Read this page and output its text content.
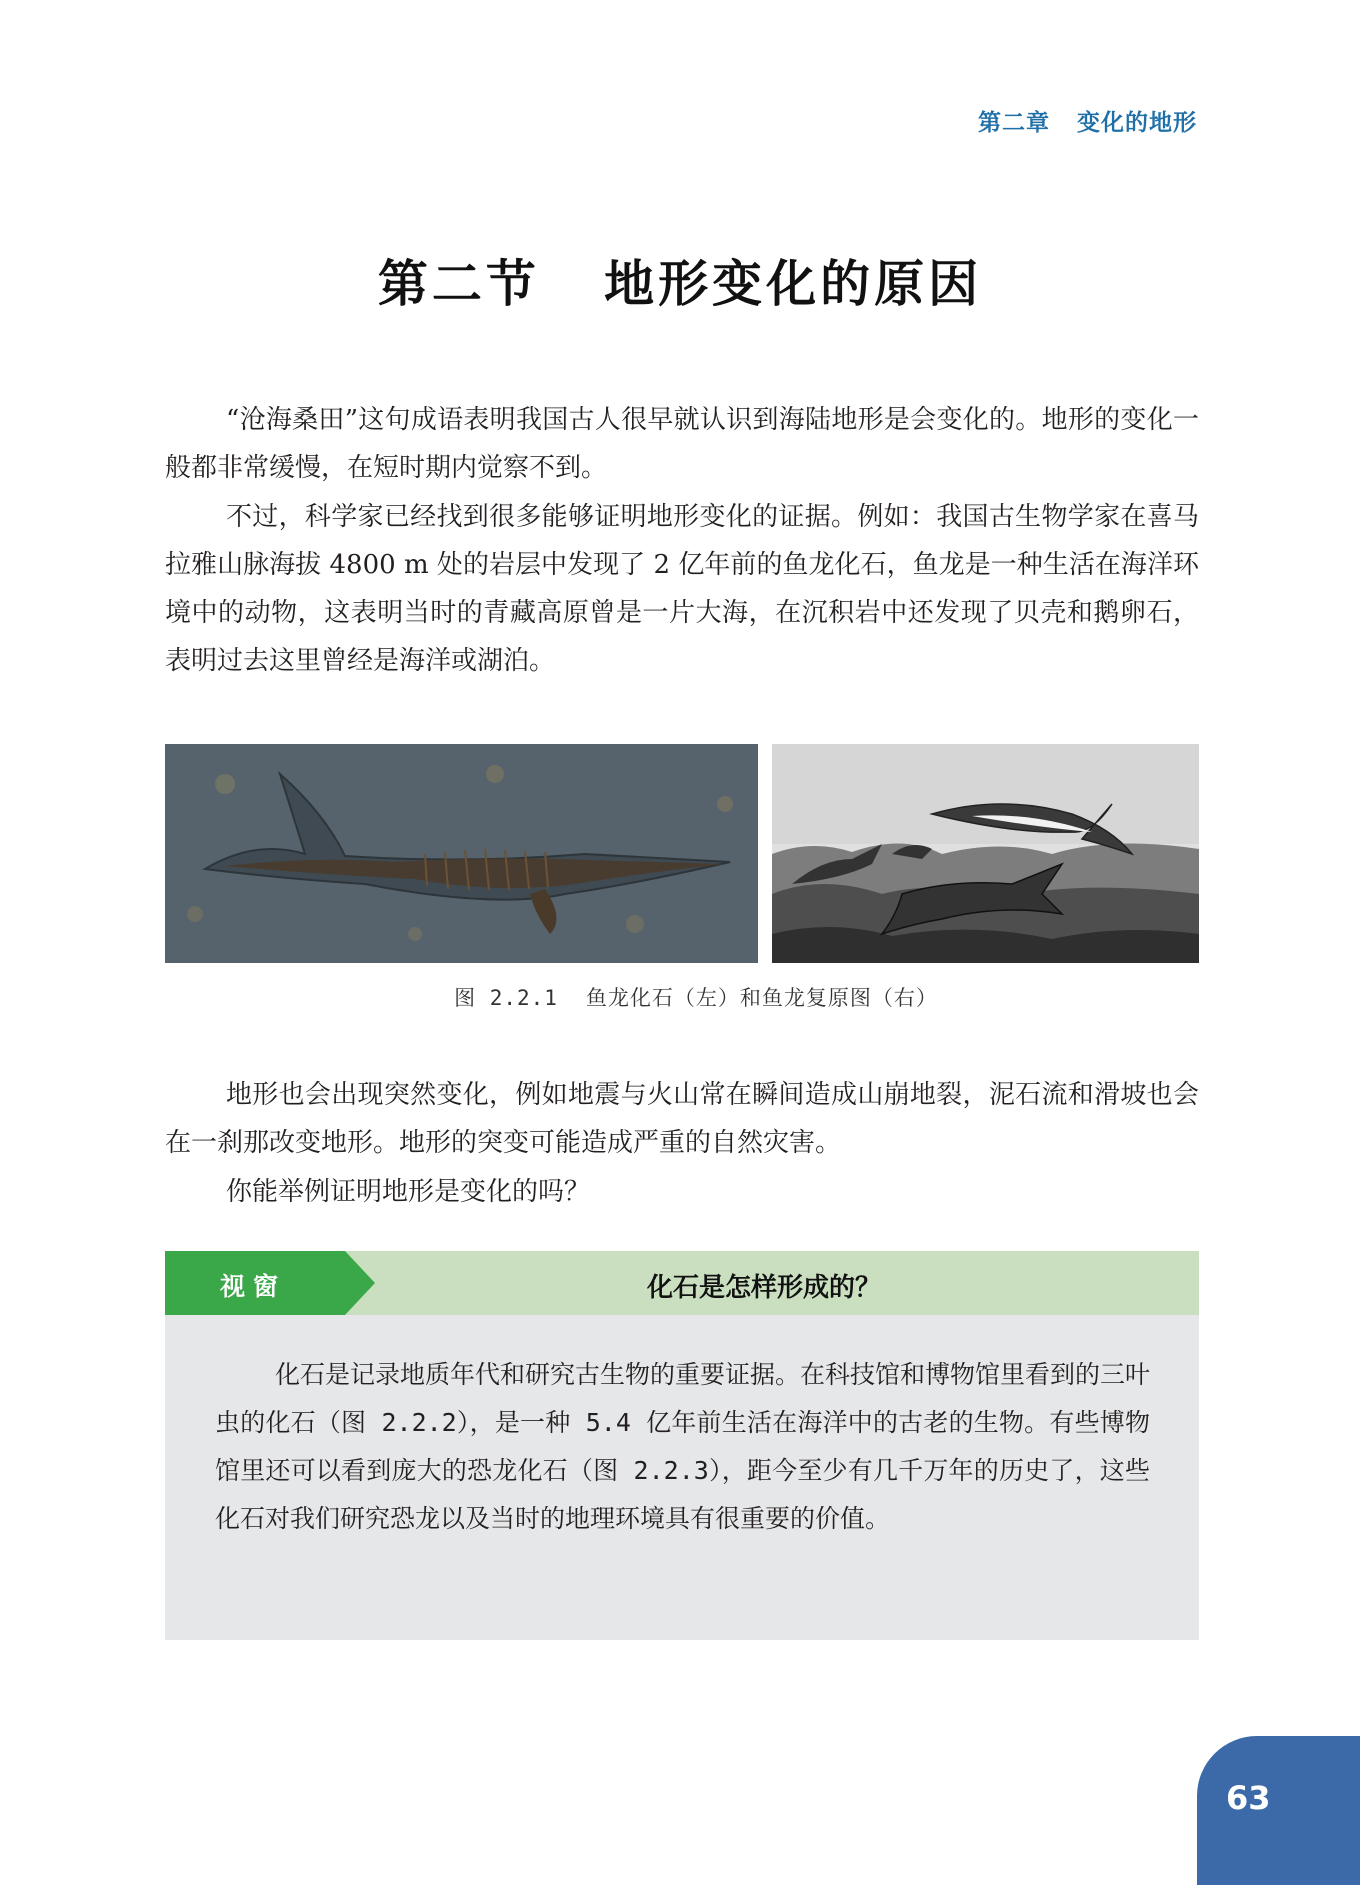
第二章   变化的地形
第二节   地形变化的原因

“沧海桑田”这句成语表明我国古人很早就认识到海陆地形是会变化的。地形的变化一般都非常缓慢，在短时期内觉察不到。

不过，科学家已经找到很多能够证明地形变化的证据。例如：我国古生物学家在喜马拉雅山脉海拔 4800 m 处的岩层中发现了 2 亿年前的鱼龙化石，鱼龙是一种生活在海洋环境中的动物，这表明当时的青藏高原曾是一片大海，在沉积岩中还发现了贝壳和鹅卵石，表明过去这里曾经是海洋或湖泊。

图 2.2.1 鱼龙化石（左）和鱼龙复原图（右）

地形也会出现突然变化，例如地震与火山常在瞬间造成山崩地裂，泥石流和滑坡也会在一刹那改变地形。地形的突变可能造成严重的自然灾害。

你能举例证明地形是变化的吗？

视窗	化石是怎样形成的？

化石是记录地质年代和研究古生物的重要证据。在科技馆和博物馆里看到的三叶虫的化石（图 2.2.2），是一种 5.4 亿年前生活在海洋中的古老的生物。有些博物馆里还可以看到庞大的恐龙化石（图 2.2.3），距今至少有几千万年的历史了，这些化石对我们研究恐龙以及当时的地理环境具有很重要的价值。

63
